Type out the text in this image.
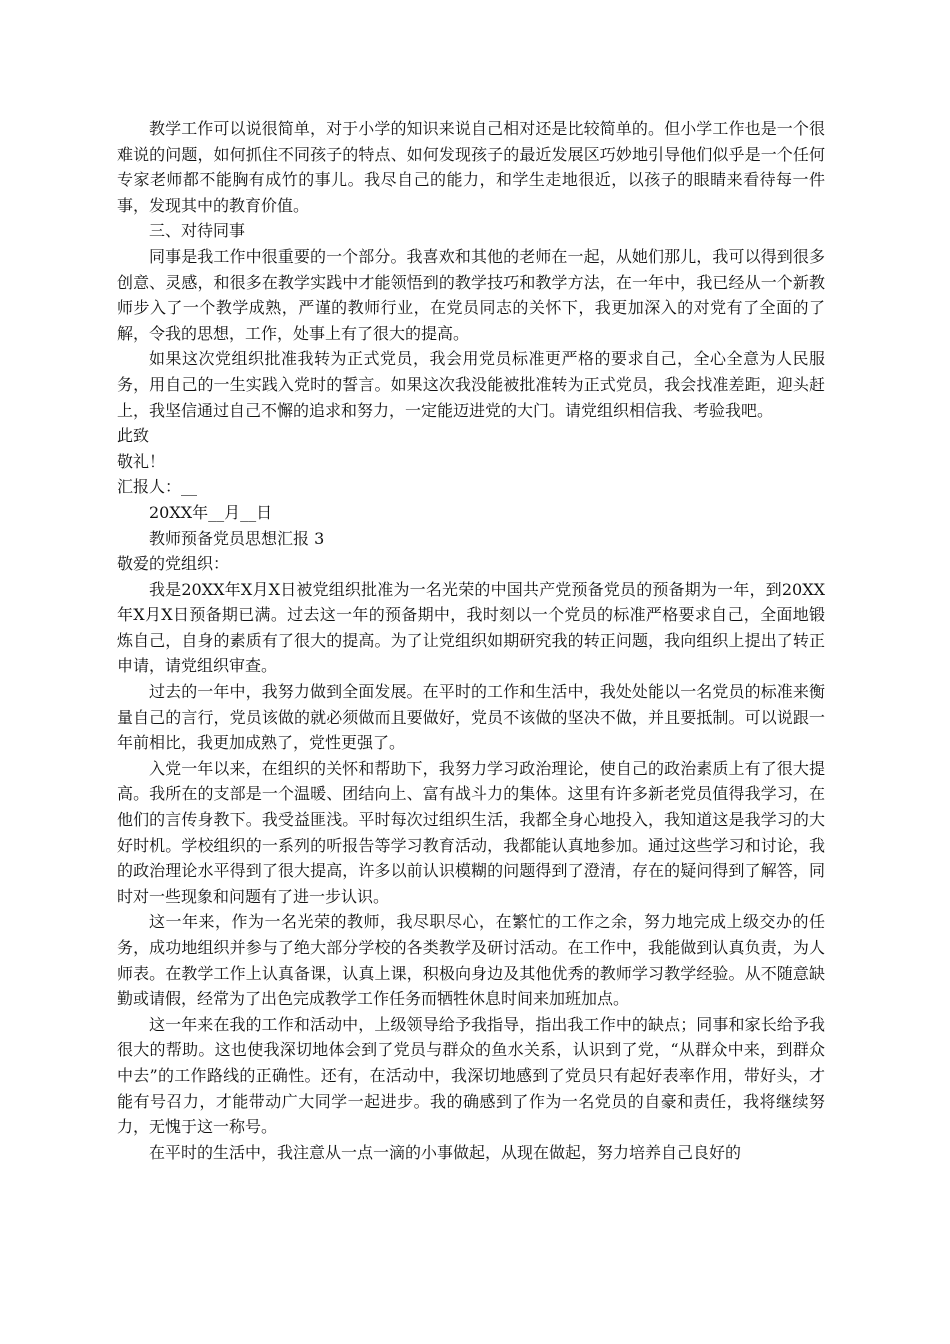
教学工作可以说很简单，对于小学的知识来说自己相对还是比较简单的。但小学工作也是一个很难说的问题，如何抓住不同孩子的特点、如何发现孩子的最近发展区巧妙地引导他们似乎是一个任何专家老师都不能胸有成竹的事儿。我尽自己的能力，和学生走地很近，以孩子的眼睛来看待每一件事，发现其中的教育价值。

三、对待同事

同事是我工作中很重要的一个部分。我喜欢和其他的老师在一起，从她们那儿，我可以得到很多创意、灵感，和很多在教学实践中才能领悟到的教学技巧和教学方法，在一年中，我已经从一个新教师步入了一个教学成熟，严谨的教师行业，在党员同志的关怀下，我更加深入的对党有了全面的了解，令我的思想，工作，处事上有了很大的提高。

如果这次党组织批准我转为正式党员，我会用党员标准更严格的要求自己，全心全意为人民服务，用自己的一生实践入党时的誓言。如果这次我没能被批准转为正式党员，我会找准差距，迎头赶上，我坚信通过自己不懈的追求和努力，一定能迈进党的大门。请党组织相信我、考验我吧。

此致

敬礼！

汇报人：__

20XX年__月__日

教师预备党员思想汇报 3

敬爱的党组织：

我是20XX年X月X日被党组织批准为一名光荣的中国共产党预备党员的预备期为一年，到20XX年X月X日预备期已满。过去这一年的预备期中，我时刻以一个党员的标准严格要求自己，全面地锻炼自己，自身的素质有了很大的提高。为了让党组织如期研究我的转正问题，我向组织上提出了转正申请，请党组织审查。

过去的一年中，我努力做到全面发展。在平时的工作和生活中，我处处能以一名党员的标准来衡量自己的言行，党员该做的就必须做而且要做好，党员不该做的坚决不做，并且要抵制。可以说跟一年前相比，我更加成熟了，党性更强了。

入党一年以来，在组织的关怀和帮助下，我努力学习政治理论，使自己的政治素质上有了很大提高。我所在的支部是一个温暖、团结向上、富有战斗力的集体。这里有许多新老党员值得我学习，在他们的言传身教下。我受益匪浅。平时每次过组织生活，我都全身心地投入，我知道这是我学习的大好时机。学校组织的一系列的听报告等学习教育活动，我都能认真地参加。通过这些学习和讨论，我的政治理论水平得到了很大提高，许多以前认识模糊的问题得到了澄清，存在的疑问得到了解答，同时对一些现象和问题有了进一步认识。

这一年来，作为一名光荣的教师，我尽职尽心，在繁忙的工作之余，努力地完成上级交办的任务，成功地组织并参与了绝大部分学校的各类教学及研讨活动。在工作中，我能做到认真负责，为人师表。在教学工作上认真备课，认真上课，积极向身边及其他优秀的教师学习教学经验。从不随意缺勤或请假，经常为了出色完成教学工作任务而牺牲休息时间来加班加点。

这一年来在我的工作和活动中，上级领导给予我指导，指出我工作中的缺点；同事和家长给予我很大的帮助。这也使我深切地体会到了党员与群众的鱼水关系，认识到了党，“从群众中来，到群众中去”的工作路线的正确性。还有，在活动中，我深切地感到了党员只有起好表率作用，带好头，才能有号召力，才能带动广大同学一起进步。我的确感到了作为一名党员的自豪和责任，我将继续努力，无愧于这一称号。

在平时的生活中，我注意从一点一滴的小事做起，从现在做起，努力培养自己良好的
